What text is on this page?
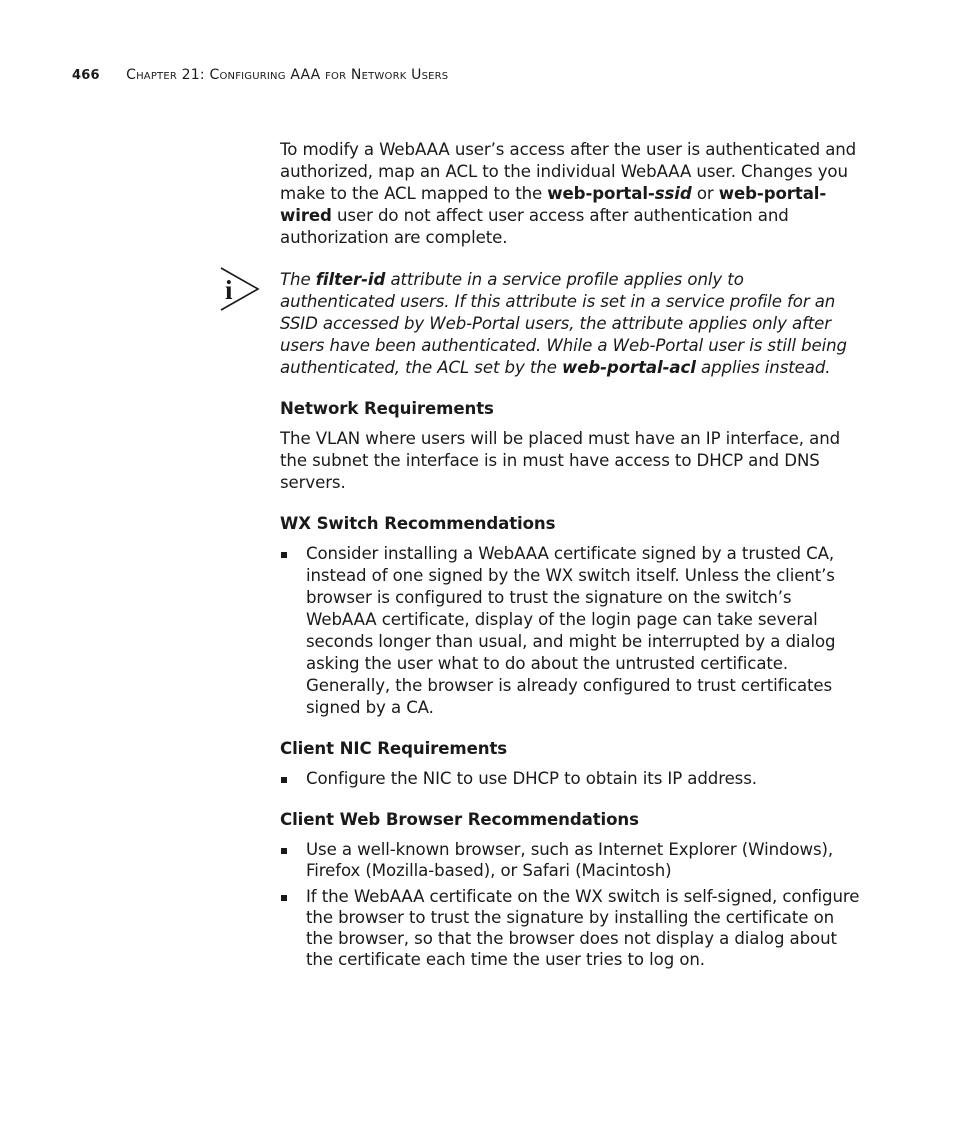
466 Chapter 21: Configuring AAA for Network Users

To modify a WebAAA user’s access after the user is authenticated and authorized, map an ACL to the individual WebAAA user. Changes you make to the ACL mapped to the web-portal-ssid or web-portal-wired user do not affect user access after authentication and authorization are complete.

i	The filter-id attribute in a service profile applies only to authenticated users. If this attribute is set in a service profile for an SSID accessed by Web-Portal users, the attribute applies only after users have been authenticated. While a Web-Portal user is still being authenticated, the ACL set by the web-portal-acl applies instead.

Network Requirements

The VLAN where users will be placed must have an IP interface, and the subnet the interface is in must have access to DHCP and DNS servers.

WX Switch Recommendations
Consider installing a WebAAA certificate signed by a trusted CA, instead of one signed by the WX switch itself. Unless the client’s browser is configured to trust the signature on the switch’s WebAAA certificate, display of the login page can take several seconds longer than usual, and might be interrupted by a dialog asking the user what to do about the untrusted certificate. Generally, the browser is already configured to trust certificates signed by a CA.
Client NIC Requirements
Configure the NIC to use DHCP to obtain its IP address.
Client Web Browser Recommendations
Use a well-known browser, such as Internet Explorer (Windows), Firefox (Mozilla-based), or Safari (Macintosh)
If the WebAAA certificate on the WX switch is self-signed, configure the browser to trust the signature by installing the certificate on the browser, so that the browser does not display a dialog about the certificate each time the user tries to log on.
